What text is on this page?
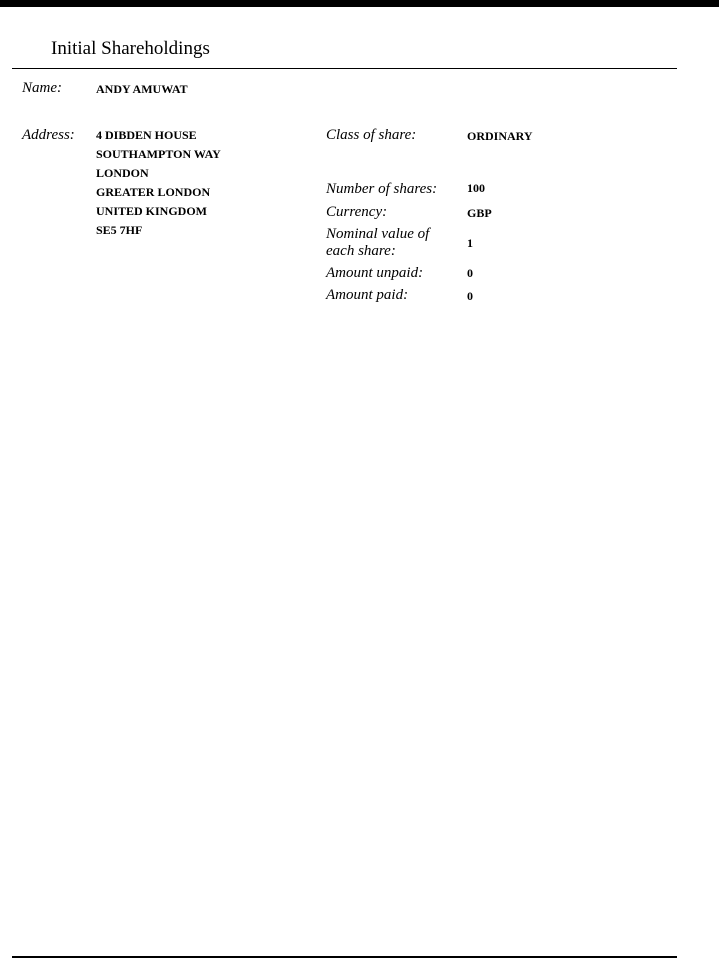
Initial Shareholdings
Name:	ANDY AMUWAT
Address: 4 DIBDEN HOUSE
SOUTHAMPTON WAY
LONDON
GREATER LONDON
UNITED KINGDOM
SE5 7HF
Class of share:	ORDINARY
Number of shares: 100
Currency:	GBP
Nominal value of
each share:	1
Amount unpaid:	0
Amount paid:	0
